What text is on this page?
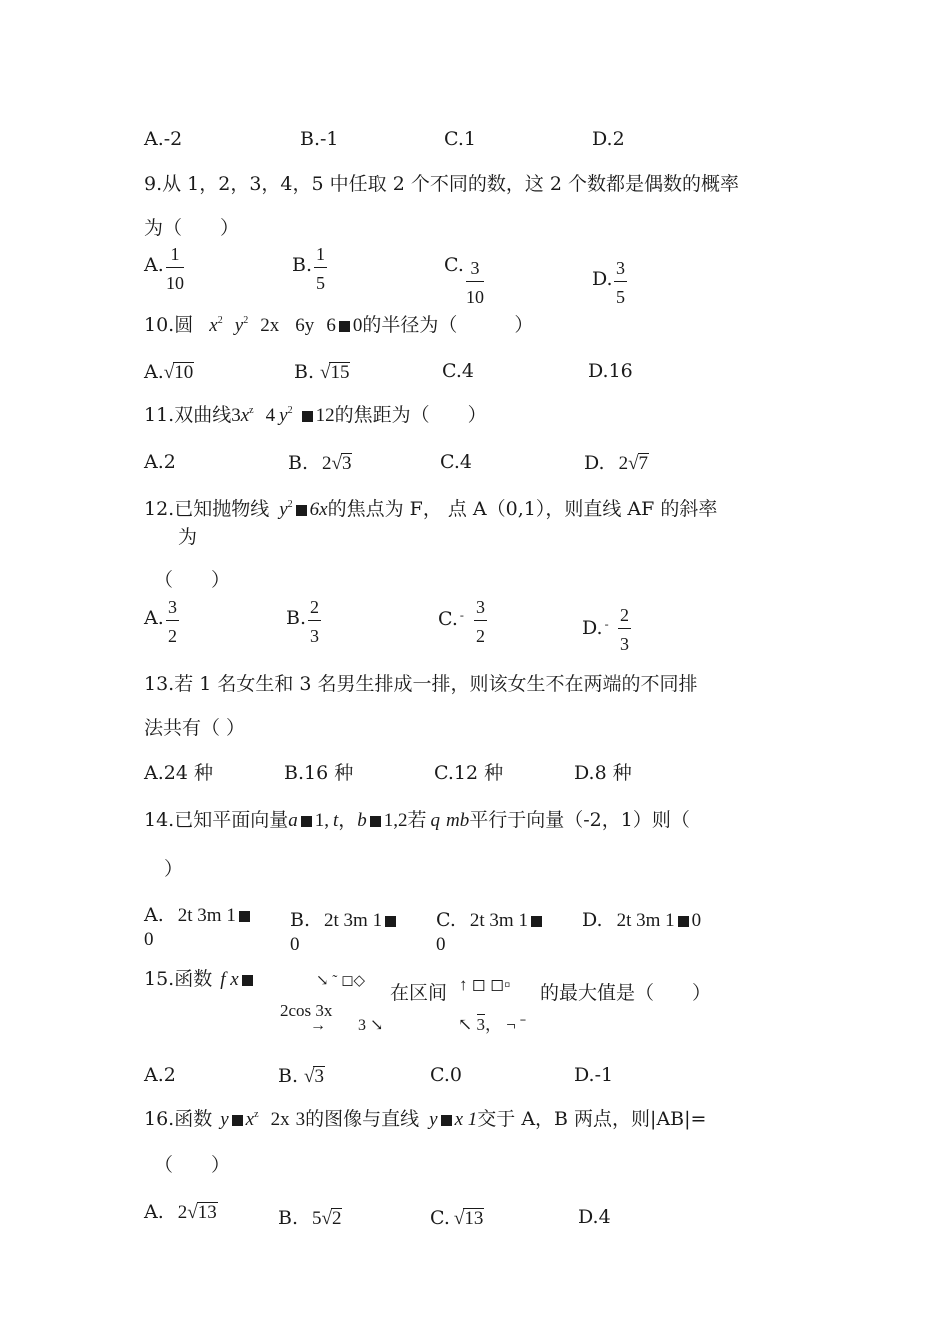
A.-2	B.-1	C.1	D.2
9.从 1，2，3，4，5 中任取 2 个不同的数，这 2 个数都是偶数的概率
为（　　）
A. $\frac{1}{10}$	B. $\frac{1}{5}$	C. $\frac{3}{10}$	D. $\frac{3}{5}$
10.圆 $x^2$ $y^2$ 2x 6y 6 0的半径为（　　　）
A.√10	B. √15	C.4	D.16
11.双曲线$3x^z$ 4 $y^2$ 12的焦距为（　　）
A.2	B. 2√3	C.4	D. 2√7
12.已知抛物线 $y^2$ 6x的焦点为 F， 点 A（0,1），则直线 AF 的斜率
为
（　　）
A. $\frac{3}{2}$	B. $\frac{2}{3}$	C. $^- \frac{3}{2}$	D. $^- \frac{2}{3}$
13.若 1 名女生和 3 名男生排成一排，则该女生不在两端的不同排
法共有（ ）
A.24 种	B.16 种	C.12 种	D.8 种
14.已知平面向量a 1, t，b 1,2若 q mb平行于向量（-2，1）则（
）
A. 2t 3m 1
0
B. 2t 3m 1
0
C. 2t 3m 1
0
D. 2t 3m 1 0
15.函数 f x	↘ ˜ ◻◇
在区间 ↑ ◻ ◻▫ 的最大值是（　　）
2cos 3x
→ 3 ↘	↖ 3， ¬ ˉ
A.2	B. √3	C.0	D.-1
16.函数 y $x^z$ 2x 3的图像与直线 y x 1交于 A，B 两点，则|AB|=
（　　）
A. 2√13	B. 5√2	C. √13	D.4
